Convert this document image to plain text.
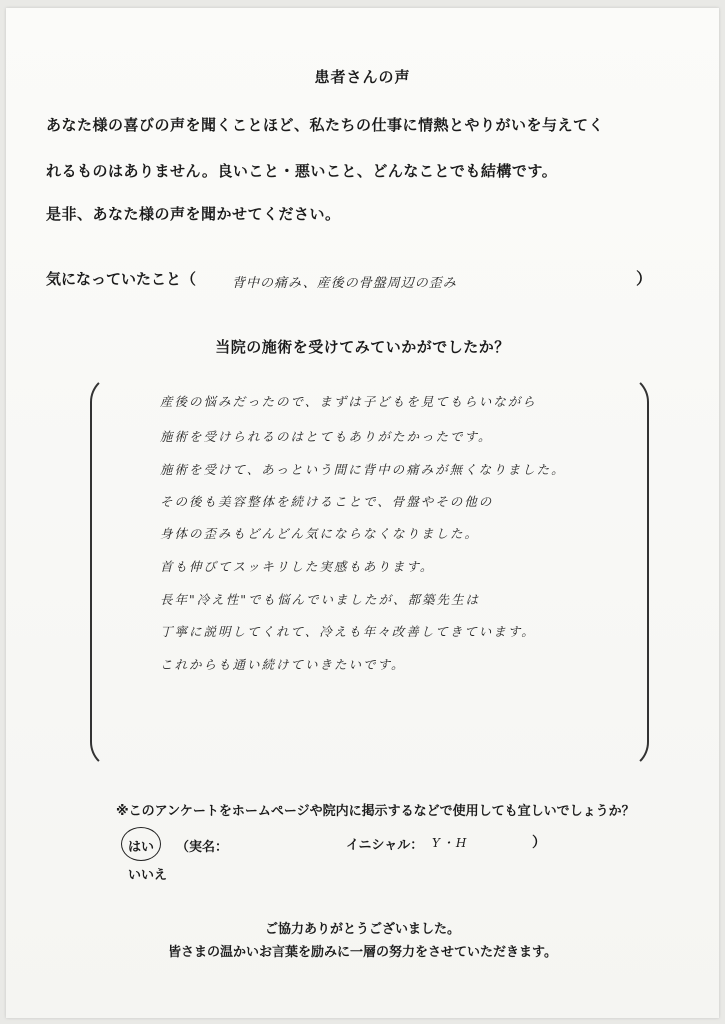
患者さんの声
あなた様の喜びの声を聞くことほど、私たちの仕事に情熱とやりがいを与えてく
れるものはありません。良いこと・悪いこと、どんなことでも結構です。
是非、あなた様の声を聞かせてください。
気になっていたこと（	背中の痛み、産後の骨盤周辺の歪み	）
当院の施術を受けてみていかがでしたか？
産後の悩みだったので、まずは子どもを見てもらいながら
施術を受けられるのはとてもありがたかったです。
施術を受けて、あっという間に背中の痛みが無くなりました。
その後も美容整体を続けることで、骨盤やその他の
身体の歪みもどんどん気にならなくなりました。
首も伸びてスッキリした実感もあります。
長年"冷え性"でも悩んでいましたが、都築先生は
丁寧に説明してくれて、冷えも年々改善してきています。
これからも通い続けていきたいです。
※このアンケートをホームページや院内に掲示するなどで使用しても宜しいでしょうか？
はい （実名：	イニシャル： Y・H	）
いいえ
ご協力ありがとうございました。
皆さまの温かいお言葉を励みに一層の努力をさせていただきます。
